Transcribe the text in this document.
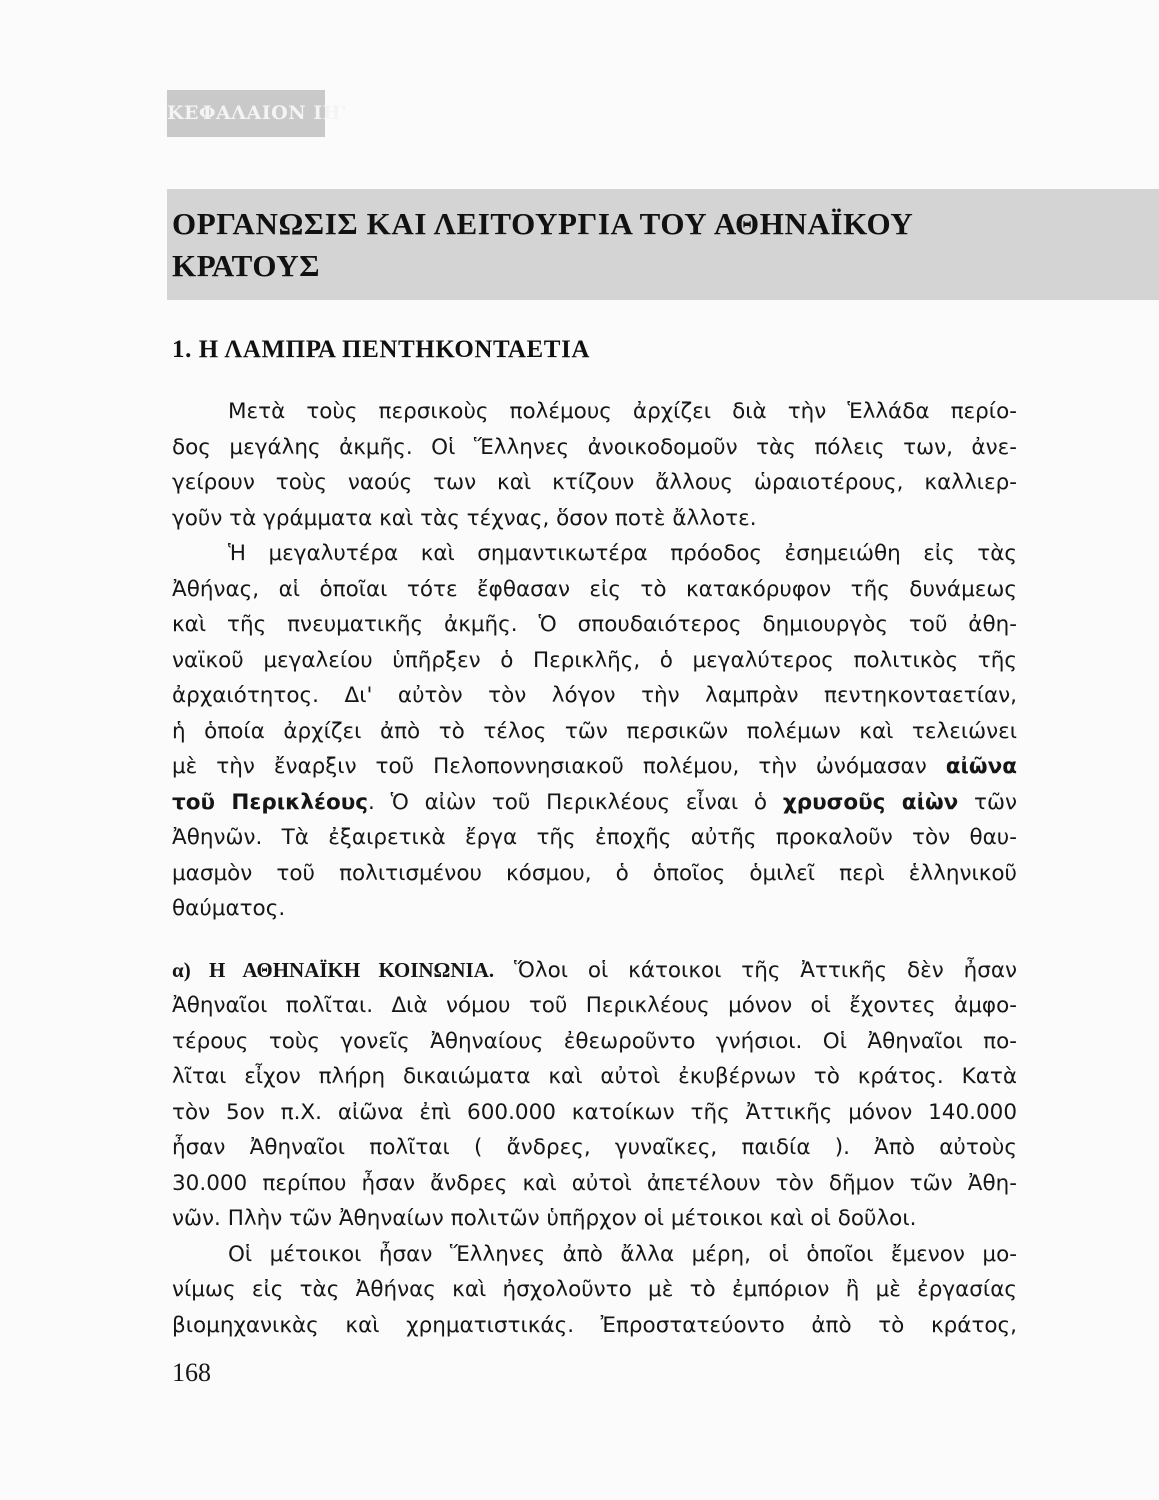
ΚΕΦΑΛΑΙΟΝ ΙΗ'
ΟΡΓΑΝΩΣΙΣ ΚΑΙ ΛΕΙΤΟΥΡΓΙΑ ΤΟΥ ΑΘΗΝΑΪΚΟΥ
ΚΡΑΤΟΥΣ
1. Η ΛΑΜΠΡΑ ΠΕΝΤΗΚΟΝΤΑΕΤΙΑ
Μετὰ τοὺς περσικοὺς πολέμους ἀρχίζει διὰ τὴν Ἑλλάδα περίο-
δος μεγάλης ἀκμῆς. Οἱ Ἕλληνες ἀνοικοδομοῦν τὰς πόλεις των, ἀνε-
γείρουν τοὺς ναούς των καὶ κτίζουν ἄλλους ὡραιοτέρους, καλλιερ-
γοῦν τὰ γράμματα καὶ τὰς τέχνας, ὅσον ποτὲ ἄλλοτε.
Ἡ μεγαλυτέρα καὶ σημαντικωτέρα πρόοδος ἐσημειώθη εἰς τὰς
Ἀθήνας, αἱ ὁποῖαι τότε ἔφθασαν εἰς τὸ κατακόρυφον τῆς δυνάμεως
καὶ τῆς πνευματικῆς ἀκμῆς. Ὁ σπουδαιότερος δημιουργὸς τοῦ ἀθη-
ναϊκοῦ μεγαλείου ὑπῆρξεν ὁ Περικλῆς, ὁ μεγαλύτερος πολιτικὸς τῆς
ἀρχαιότητος. Δι' αὐτὸν τὸν λόγον τὴν λαμπρὰν πεντηκονταετίαν,
ἡ ὁποία ἀρχίζει ἀπὸ τὸ τέλος τῶν περσικῶν πολέμων καὶ τελειώνει
μὲ τὴν ἔναρξιν τοῦ Πελοποννησιακοῦ πολέμου, τὴν ὠνόμασαν αἰῶνα
τοῦ Περικλέους. Ὁ αἰὼν τοῦ Περικλέους εἶναι ὁ χρυσοῦς αἰὼν τῶν
Ἀθηνῶν. Τὰ ἐξαιρετικὰ ἔργα τῆς ἐποχῆς αὐτῆς προκαλοῦν τὸν θαυ-
μασμὸν τοῦ πολιτισμένου κόσμου, ὁ ὁποῖος ὁμιλεῖ περὶ ἑλληνικοῦ
θαύματος.
α) Η ΑΘΗΝΑΪΚΗ ΚΟΙΝΩΝΙΑ. Ὅλοι οἱ κάτοικοι τῆς Ἀττικῆς δὲν ἦσαν
Ἀθηναῖοι πολῖται. Διὰ νόμου τοῦ Περικλέους μόνον οἱ ἔχοντες ἀμφο-
τέρους τοὺς γονεῖς Ἀθηναίους ἐθεωροῦντο γνήσιοι. Οἱ Ἀθηναῖοι πο-
λῖται εἶχον πλήρη δικαιώματα καὶ αὐτοὶ ἐκυβέρνων τὸ κράτος. Κατὰ
τὸν 5ον π.Χ. αἰῶνα ἐπὶ 600.000 κατοίκων τῆς Ἀττικῆς μόνον 140.000
ἦσαν Ἀθηναῖοι πολῖται ( ἄνδρες, γυναῖκες, παιδία ). Ἀπὸ αὐτοὺς
30.000 περίπου ἦσαν ἄνδρες καὶ αὐτοὶ ἀπετέλουν τὸν δῆμον τῶν Ἀθη-
νῶν. Πλὴν τῶν Ἀθηναίων πολιτῶν ὑπῆρχον οἱ μέτοικοι καὶ οἱ δοῦλοι.
Οἱ μέτοικοι ἦσαν Ἕλληνες ἀπὸ ἄλλα μέρη, οἱ ὁποῖοι ἔμενον μο-
νίμως εἰς τὰς Ἀθήνας καὶ ἠσχολοῦντο μὲ τὸ ἐμπόριον ἢ μὲ ἐργασίας
βιομηχανικὰς καὶ χρηματιστικάς. Ἐπροστατεύοντο ἀπὸ τὸ κράτος,
168
